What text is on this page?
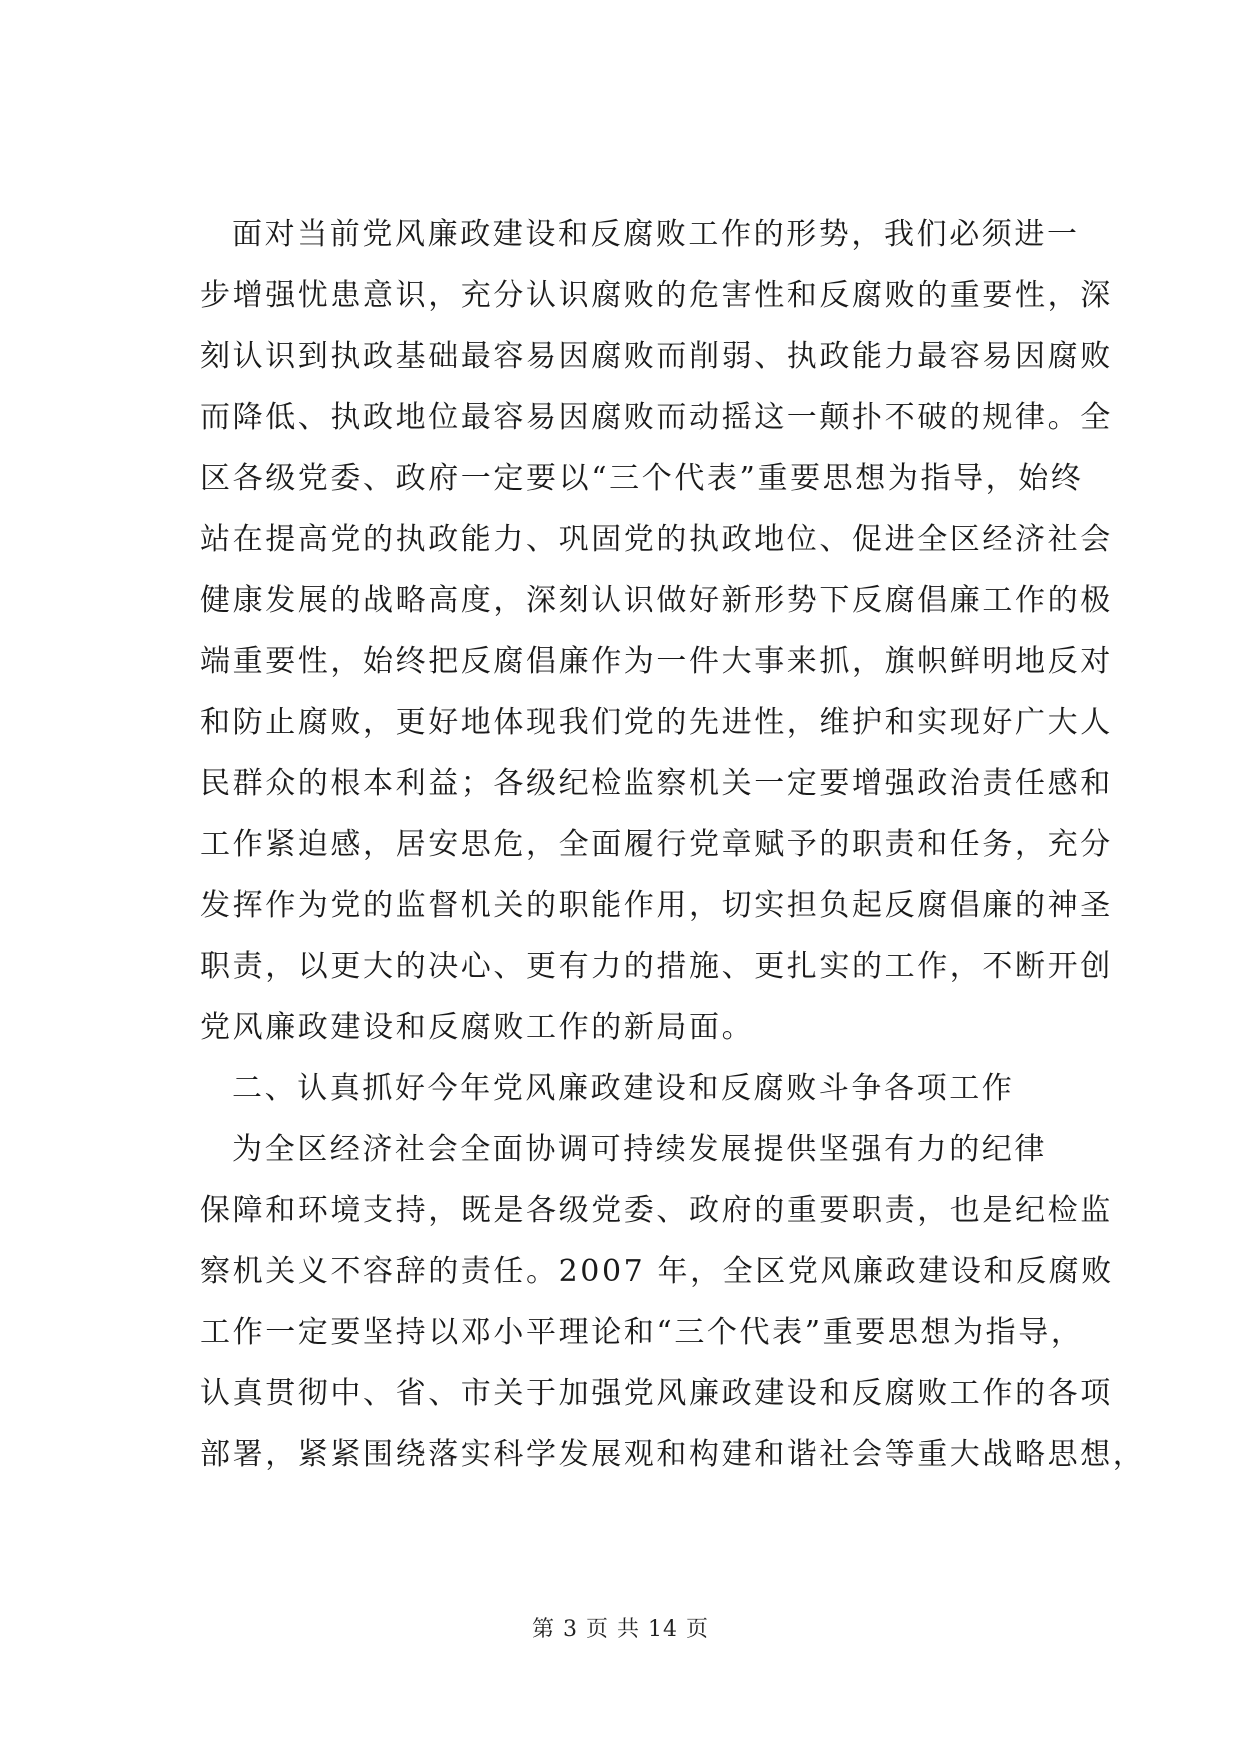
面对当前党风廉政建设和反腐败工作的形势，我们必须进一
步增强忧患意识，充分认识腐败的危害性和反腐败的重要性，深
刻认识到执政基础最容易因腐败而削弱、执政能力最容易因腐败
而降低、执政地位最容易因腐败而动摇这一颠扑不破的规律。全
区各级党委、政府一定要以“三个代表”重要思想为指导，始终
站在提高党的执政能力、巩固党的执政地位、促进全区经济社会
健康发展的战略高度，深刻认识做好新形势下反腐倡廉工作的极
端重要性，始终把反腐倡廉作为一件大事来抓，旗帜鲜明地反对
和防止腐败，更好地体现我们党的先进性，维护和实现好广大人
民群众的根本利益；各级纪检监察机关一定要增强政治责任感和
工作紧迫感，居安思危，全面履行党章赋予的职责和任务，充分
发挥作为党的监督机关的职能作用，切实担负起反腐倡廉的神圣
职责，以更大的决心、更有力的措施、更扎实的工作，不断开创
党风廉政建设和反腐败工作的新局面。
二、认真抓好今年党风廉政建设和反腐败斗争各项工作
为全区经济社会全面协调可持续发展提供坚强有力的纪律
保障和环境支持，既是各级党委、政府的重要职责，也是纪检监
察机关义不容辞的责任。2007 年，全区党风廉政建设和反腐败
工作一定要坚持以邓小平理论和“三个代表”重要思想为指导，
认真贯彻中、省、市关于加强党风廉政建设和反腐败工作的各项
部署，紧紧围绕落实科学发展观和构建和谐社会等重大战略思想，
第 3 页 共 14 页
